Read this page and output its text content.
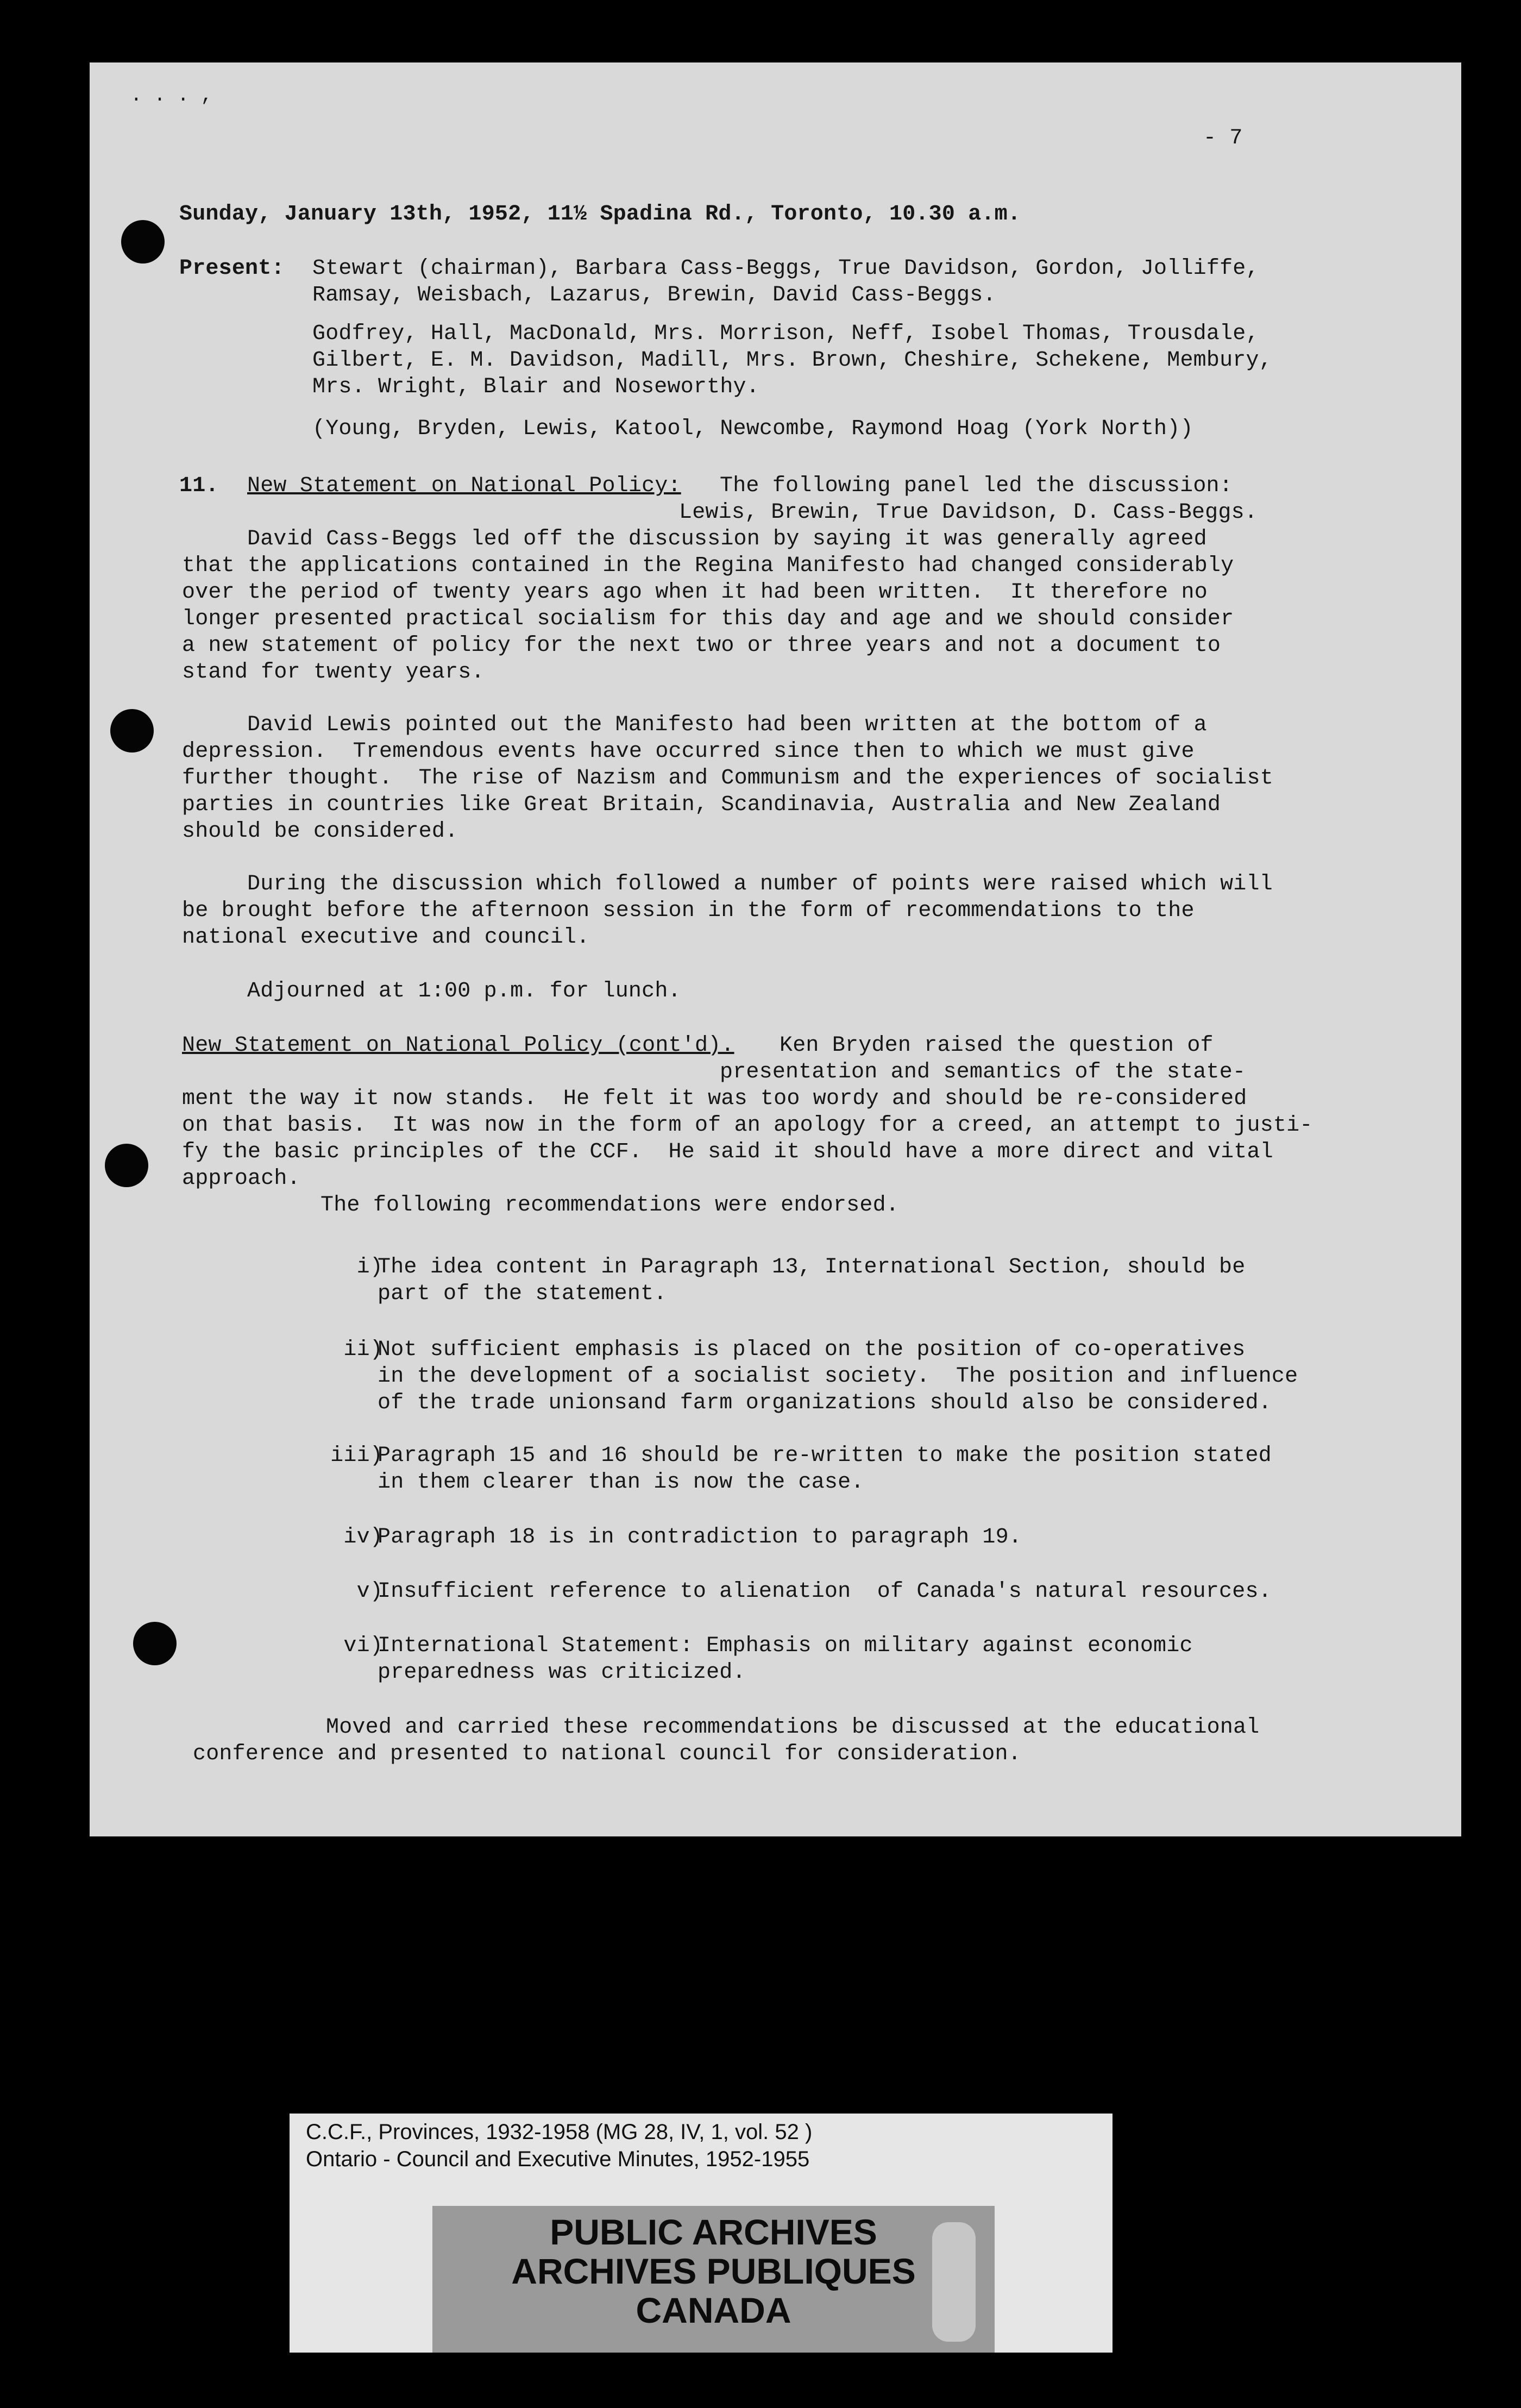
. . . ,
- 7
Sunday, January 13th, 1952, 11½ Spadina Rd., Toronto, 10.30 a.m.
Present: Stewart (chairman), Barbara Cass-Beggs, True Davidson, Gordon, Jolliffe,
Ramsay, Weisbach, Lazarus, Brewin, David Cass-Beggs.
Godfrey, Hall, MacDonald, Mrs. Morrison, Neff, Isobel Thomas, Trousdale,
Gilbert, E. M. Davidson, Madill, Mrs. Brown, Cheshire, Schekene, Membury,
Mrs. Wright, Blair and Noseworthy.
(Young, Bryden, Lewis, Katool, Newcombe, Raymond Hoag (York North))
11. New Statement on National Policy: The following panel led the discussion:
Lewis, Brewin, True Davidson, D. Cass-Beggs.
David Cass-Beggs led off the discussion by saying it was generally agreed
that the applications contained in the Regina Manifesto had changed considerably
over the period of twenty years ago when it had been written.  It therefore no
longer presented practical socialism for this day and age and we should consider
a new statement of policy for the next two or three years and not a document to
stand for twenty years.
David Lewis pointed out the Manifesto had been written at the bottom of a
depression.  Tremendous events have occurred since then to which we must give
further thought.  The rise of Nazism and Communism and the experiences of socialist
parties in countries like Great Britain, Scandinavia, Australia and New Zealand
should be considered.
During the discussion which followed a number of points were raised which will
be brought before the afternoon session in the form of recommendations to the
national executive and council.
Adjourned at 1:00 p.m. for lunch.
New Statement on National Policy (cont'd). Ken Bryden raised the question of
presentation and semantics of the state-
ment the way it now stands.  He felt it was too wordy and should be re-considered
on that basis.  It was now in the form of an apology for a creed, an attempt to justi-
fy the basic principles of the CCF.  He said it should have a more direct and vital
approach.
The following recommendations were endorsed.
i)
The idea content in Paragraph 13, International Section, should be
part of the statement.
ii)
Not sufficient emphasis is placed on the position of co-operatives
in the development of a socialist society.  The position and influence
of the trade unionsand farm organizations should also be considered.
iii)
Paragraph 15 and 16 should be re-written to make the position stated
in them clearer than is now the case.
iv)
Paragraph 18 is in contradiction to paragraph 19.
v)
Insufficient reference to alienation  of Canada's natural resources.
vi)
International Statement: Emphasis on military against economic
preparedness was criticized.
Moved and carried these recommendations be discussed at the educational
conference and presented to national council for consideration.
C.C.F., Provinces, 1932-1958 (MG 28, IV, 1, vol. 52 )
Ontario - Council and Executive Minutes, 1952-1955
PUBLIC ARCHIVES
ARCHIVES PUBLIQUES
CANADA
